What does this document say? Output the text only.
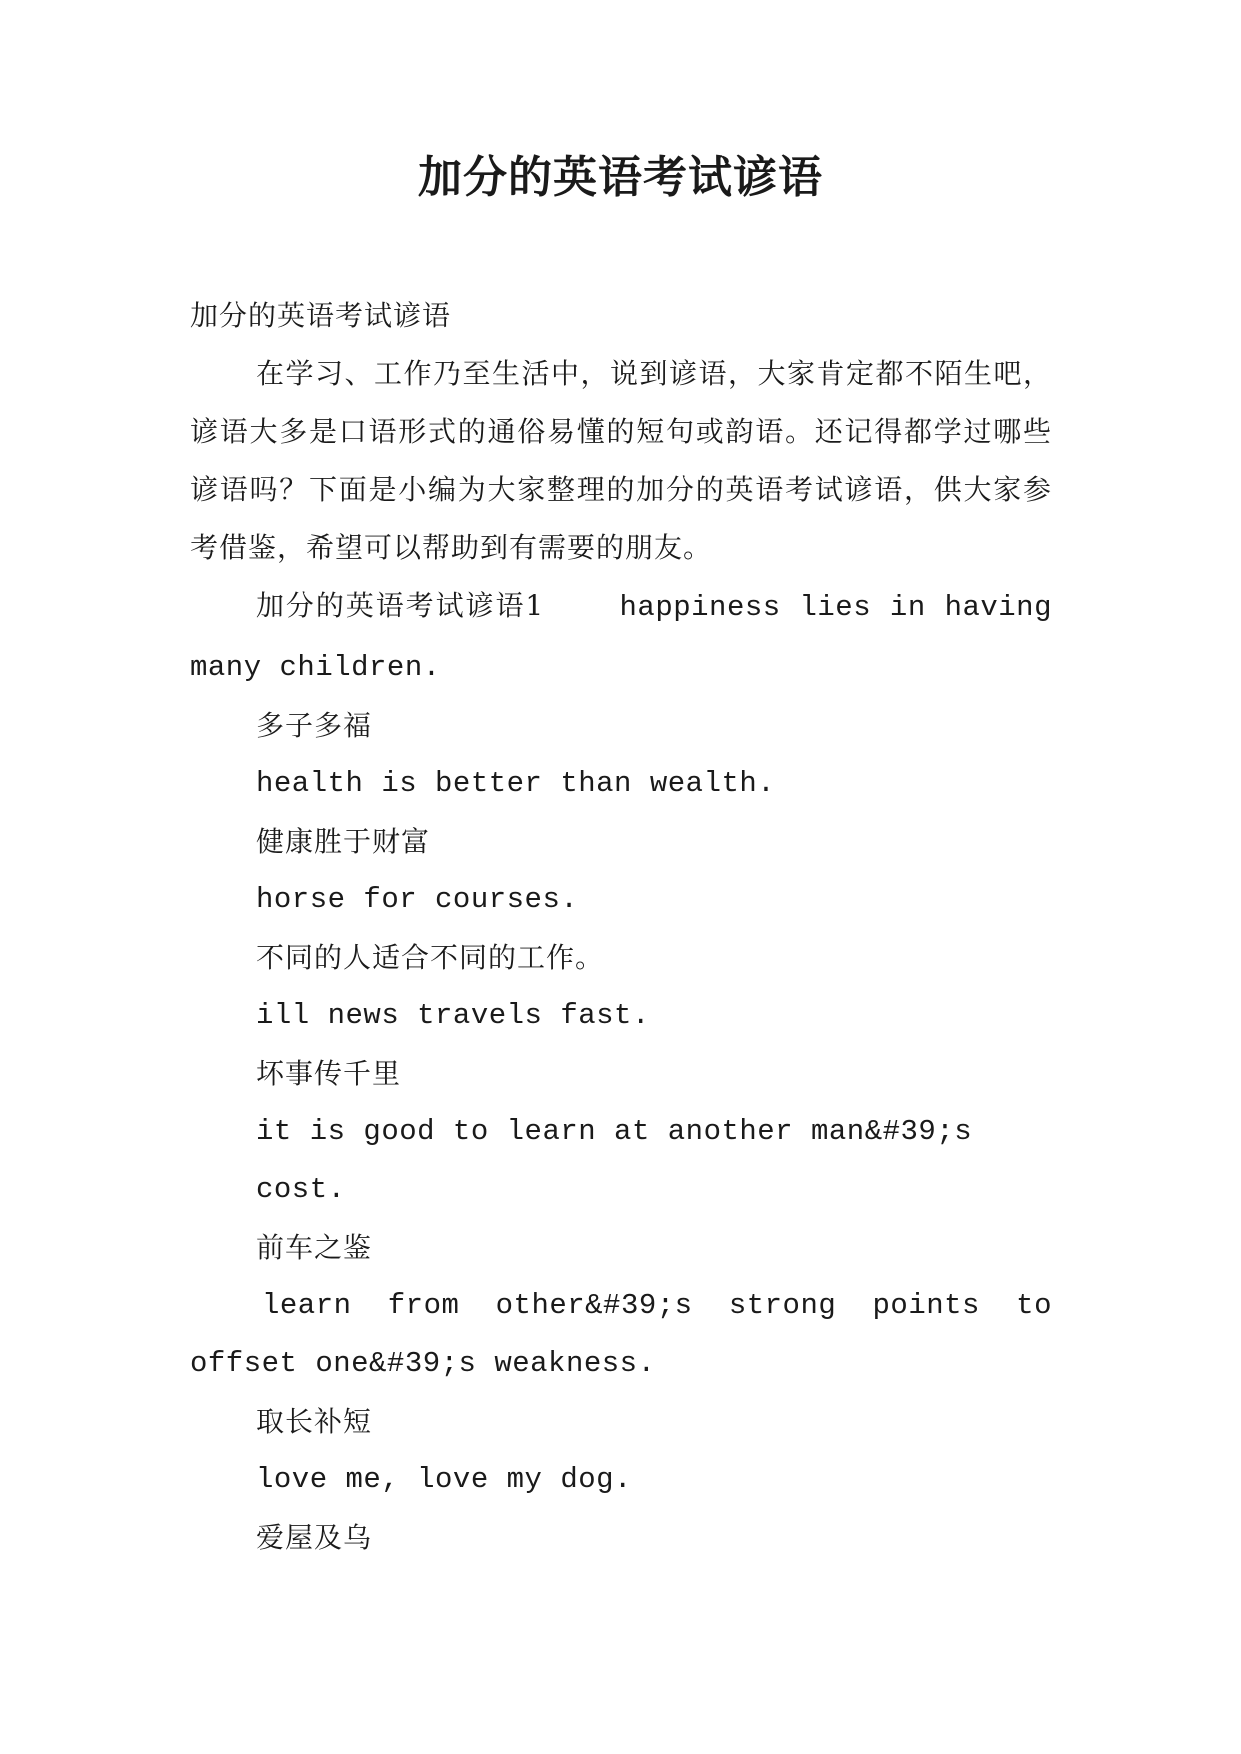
加分的英语考试谚语

加分的英语考试谚语

在学习、工作乃至生活中，说到谚语，大家肯定都不陌生吧，谚语大多是口语形式的通俗易懂的短句或韵语。还记得都学过哪些谚语吗？下面是小编为大家整理的加分的英语考试谚语，供大家参考借鉴，希望可以帮助到有需要的朋友。

加分的英语考试谚语1	happiness lies in having many children.

多子多福

health is better than wealth.

健康胜于财富

horse for courses.

不同的人适合不同的工作。

ill news travels fast.

坏事传千里

it is good to learn at another man&#39;s cost.

前车之鉴

learn from other&#39;s strong points to offset one&#39;s weakness.

取长补短

love me, love my dog.

爱屋及乌
